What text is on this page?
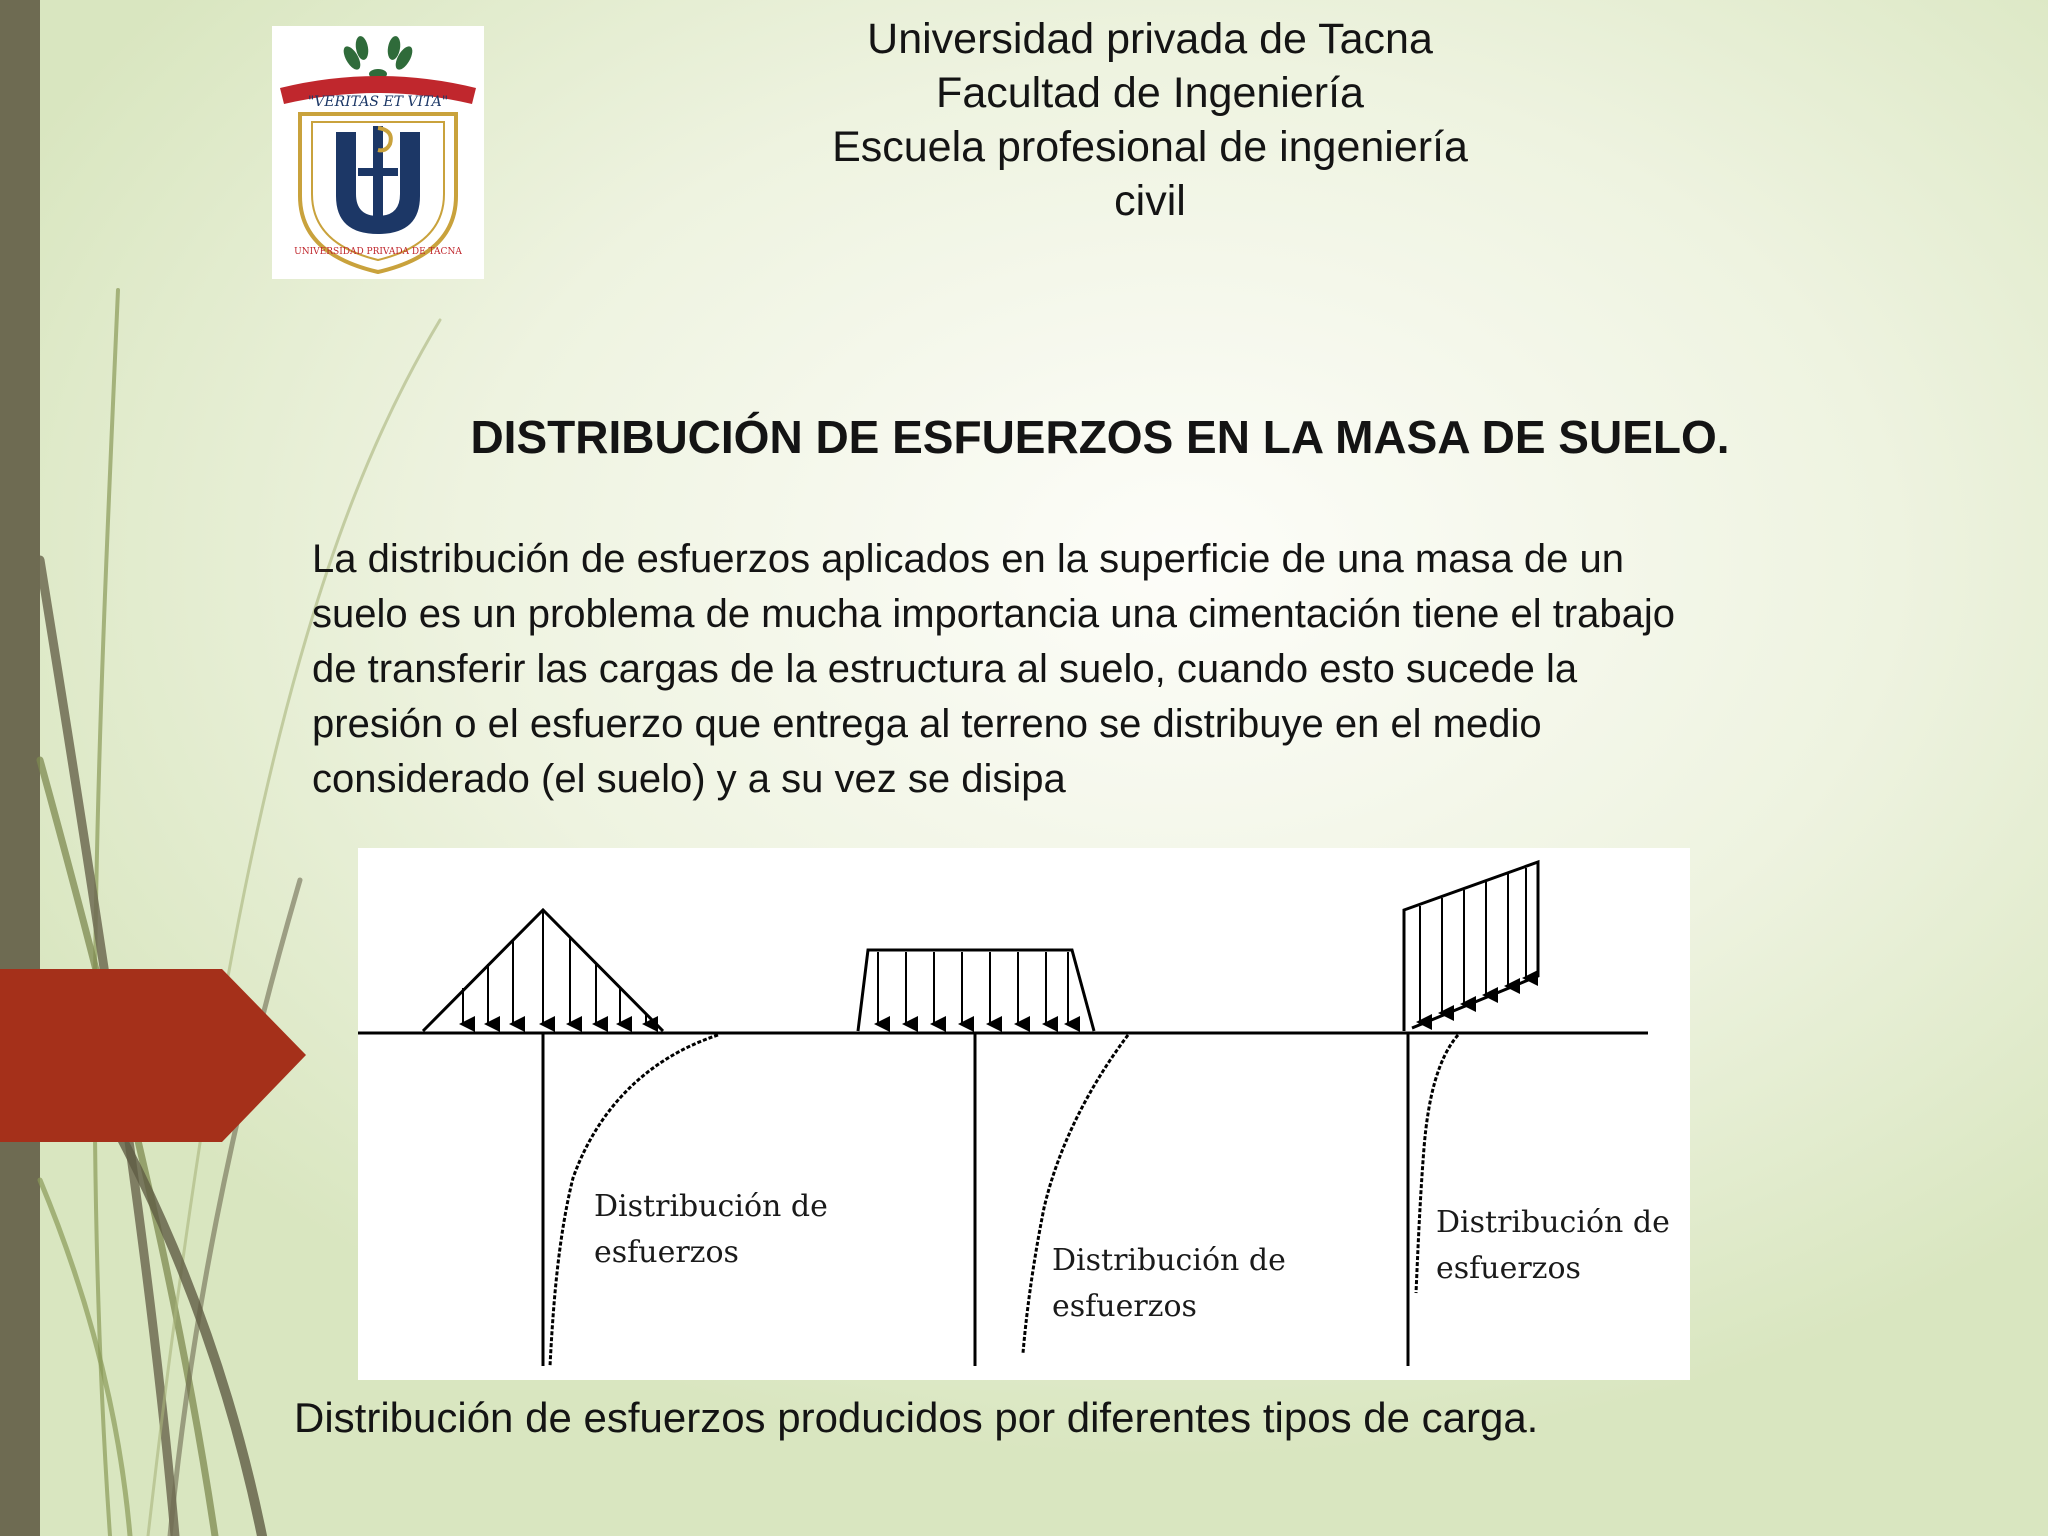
"VERITAS ET VITA"
UNIVERSIDAD PRIVADA DE TACNA
Universidad privada de Tacna
Facultad de Ingeniería
Escuela profesional de ingeniería
civil
DISTRIBUCIÓN DE ESFUERZOS EN LA MASA DE SUELO.
La distribución de esfuerzos aplicados en la superficie de una masa de un
suelo es un problema de mucha importancia una cimentación tiene el trabajo
de transferir las cargas de la estructura al suelo, cuando esto sucede la
presión o el esfuerzo que entrega al terreno se distribuye en el medio
considerado (el suelo) y a su vez se disipa
Distribución de
esfuerzos	Distribución de
esfuerzos
Distribución de
esfuerzos
Distribución de esfuerzos producidos por diferentes tipos de carga.
